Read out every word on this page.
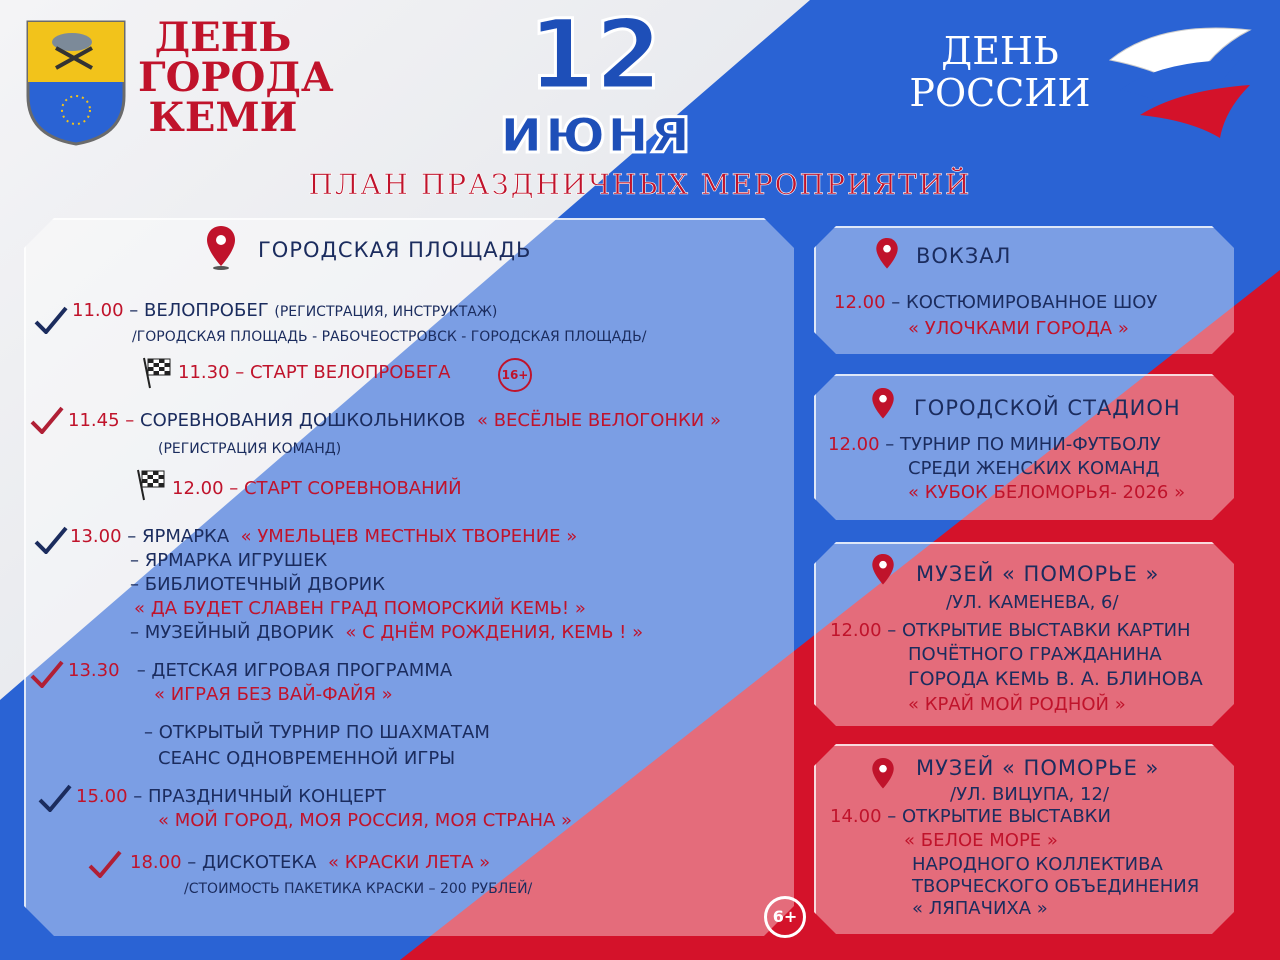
ДЕНЬ
ГОРОДА
КЕМИ
12
июня
ДЕНЬ
РОССИИ
ПЛАН ПРАЗДНИЧНЫХ МЕРОПРИЯТИЙ
ГОРОДСКАЯ ПЛОЩАДЬ
11.00 – ВЕЛОПРОБЕГ (РЕГИСТРАЦИЯ, ИНСТРУКТАЖ)
/ГОРОДСКАЯ ПЛОЩАДЬ - РАБОЧЕОСТРОВСК - ГОРОДСКАЯ ПЛОЩАДЬ/
11.30 – СТАРТ ВЕЛОПРОБЕГА	16+
11.45 – СОРЕВНОВАНИЯ ДОШКОЛЬНИКОВ « ВЕСЁЛЫЕ ВЕЛОГОНКИ »
(РЕГИСТРАЦИЯ КОМАНД)
12.00 – СТАРТ СОРЕВНОВАНИЙ
13.00 – ЯРМАРКА « УМЕЛЬЦЕВ МЕСТНЫХ ТВОРЕНИЕ »
– ЯРМАРКА ИГРУШЕК
– БИБЛИОТЕЧНЫЙ ДВОРИК
« ДА БУДЕТ СЛАВЕН ГРАД ПОМОРСКИЙ КЕМЬ! »
– МУЗЕЙНЫЙ ДВОРИК « С ДНЁМ РОЖДЕНИЯ, КЕМЬ ! »
13.30 – ДЕТСКАЯ ИГРОВАЯ ПРОГРАММА
« ИГРАЯ БЕЗ ВАЙ-ФАЙЯ »
– ОТКРЫТЫЙ ТУРНИР ПО ШАХМАТАМ
СЕАНС ОДНОВРЕМЕННОЙ ИГРЫ
15.00 – ПРАЗДНИЧНЫЙ КОНЦЕРТ
« МОЙ ГОРОД, МОЯ РОССИЯ, МОЯ СТРАНА »
18.00 – ДИСКОТЕКА « КРАСКИ ЛЕТА »
/СТОИМОСТЬ ПАКЕТИКА КРАСКИ – 200 РУБЛЕЙ/
6+
ВОКЗАЛ
12.00 – КОСТЮМИРОВАННОЕ ШОУ
« УЛОЧКАМИ ГОРОДА »
ГОРОДСКОЙ СТАДИОН
12.00 – ТУРНИР ПО МИНИ-ФУТБОЛУ
СРЕДИ ЖЕНСКИХ КОМАНД
« КУБОК БЕЛОМОРЬЯ- 2026 »
МУЗЕЙ « ПОМОРЬЕ »
/УЛ. КАМЕНЕВА, 6/
12.00 – ОТКРЫТИЕ ВЫСТАВКИ КАРТИН
ПОЧЁТНОГО ГРАЖДАНИНА
ГОРОДА КЕМЬ В. А. БЛИНОВА
« КРАЙ МОЙ РОДНОЙ »
МУЗЕЙ « ПОМОРЬЕ »
/УЛ. ВИЦУПА, 12/
14.00 – ОТКРЫТИЕ ВЫСТАВКИ
« БЕЛОЕ МОРЕ »
НАРОДНОГО КОЛЛЕКТИВА
ТВОРЧЕСКОГО ОБЪЕДИНЕНИЯ
« ЛЯПАЧИХА »
